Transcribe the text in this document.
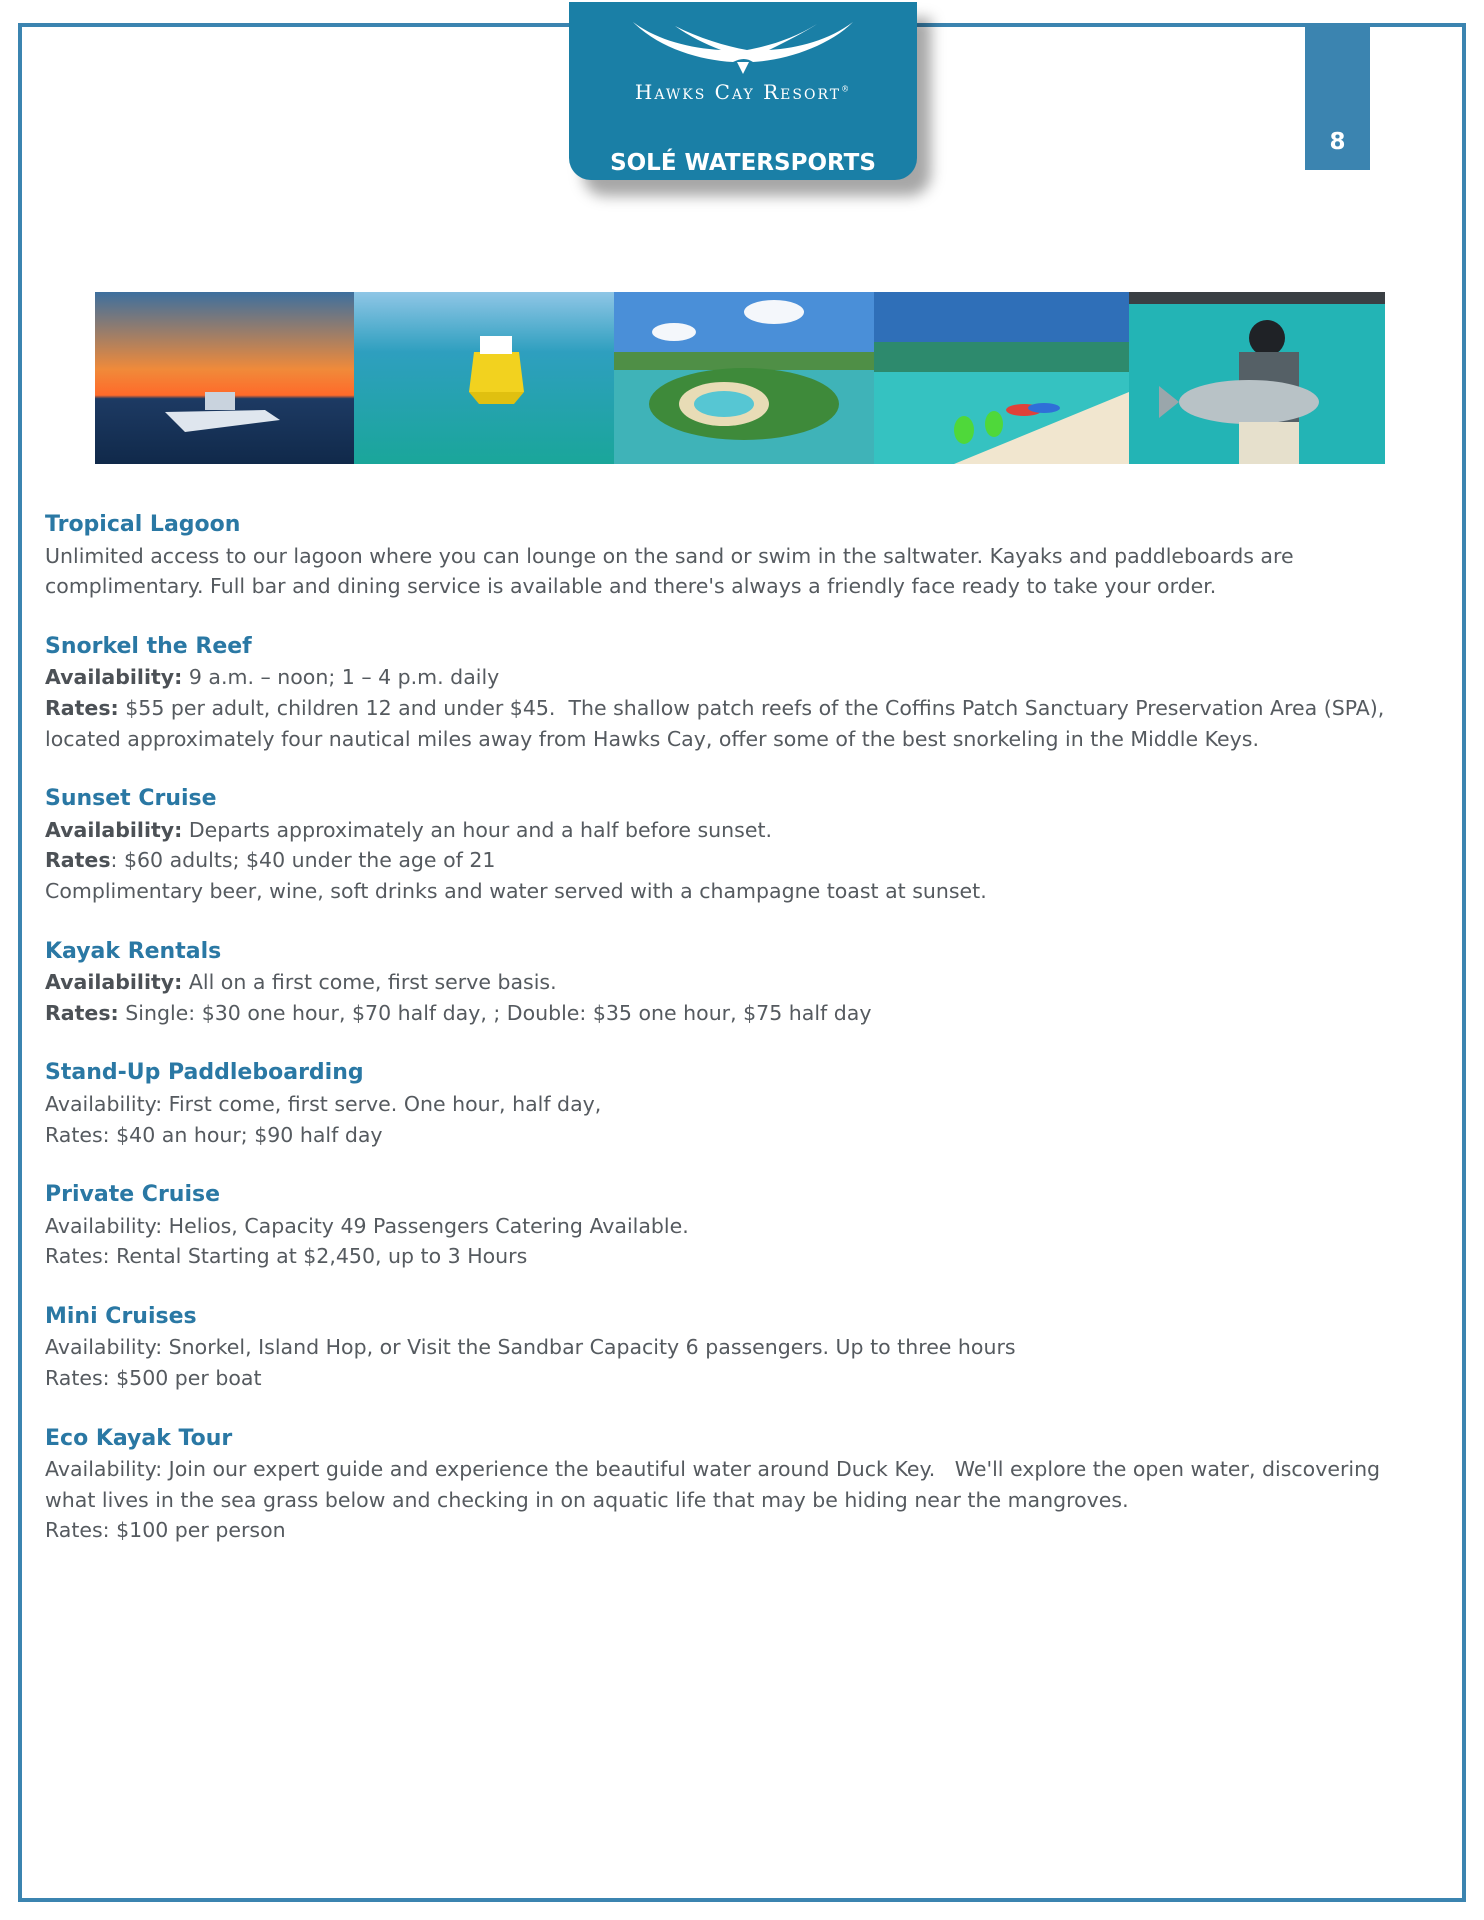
Hawks Cay Resort®
SOLÉ WATERSPORTS
8
Tropical Lagoon
Unlimited access to our lagoon where you can lounge on the sand or swim in the saltwater. Kayaks and paddleboards are complimentary. Full bar and dining service is available and there's always a friendly face ready to take your order.
Snorkel the Reef
Availability: 9 a.m. – noon; 1 – 4 p.m. daily
Rates: $55 per adult, children 12 and under $45.  The shallow patch reefs of the Coffins Patch Sanctuary Preservation Area (SPA), located approximately four nautical miles away from Hawks Cay, offer some of the best snorkeling in the Middle Keys.
Sunset Cruise
Availability: Departs approximately an hour and a half before sunset.
Rates: $60 adults; $40 under the age of 21
Complimentary beer, wine, soft drinks and water served with a champagne toast at sunset.
Kayak Rentals
Availability: All on a first come, first serve basis.
Rates: Single: $30 one hour, $70 half day, ; Double: $35 one hour, $75 half day
Stand-Up Paddleboarding
Availability: First come, first serve. One hour, half day,
Rates: $40 an hour; $90 half day
Private Cruise
Availability: Helios, Capacity 49 Passengers Catering Available.
Rates: Rental Starting at $2,450, up to 3 Hours
Mini Cruises
Availability: Snorkel, Island Hop, or Visit the Sandbar Capacity 6 passengers. Up to three hours
Rates: $500 per boat
Eco Kayak Tour
Availability: Join our expert guide and experience the beautiful water around Duck Key.   We'll explore the open water, discovering what lives in the sea grass below and checking in on aquatic life that may be hiding near the mangroves.
Rates: $100 per person
